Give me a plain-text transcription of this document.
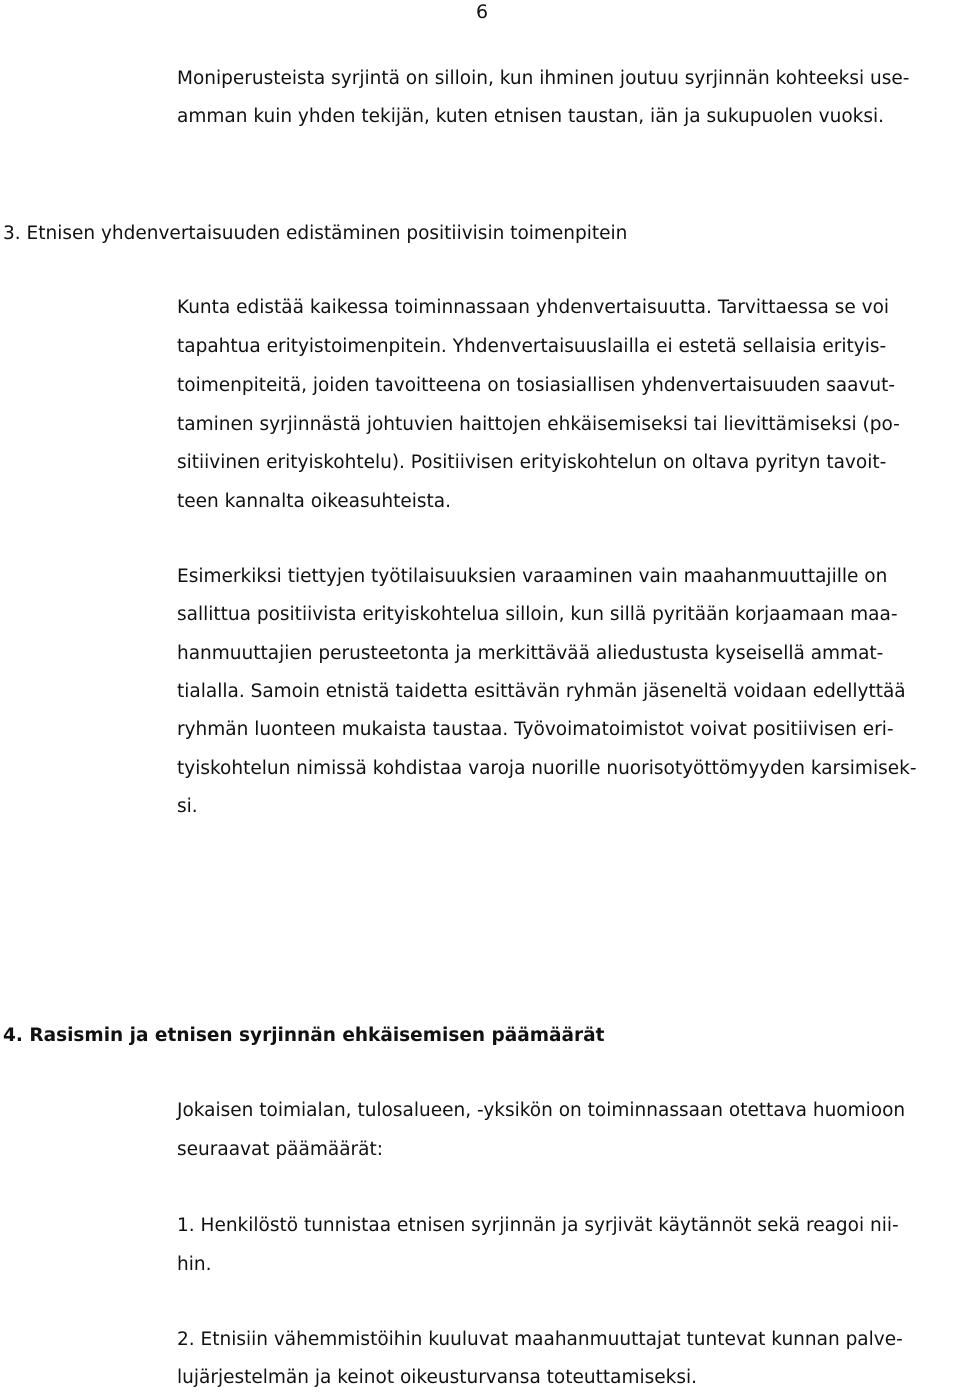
6
Moniperusteista syrjintä on silloin, kun ihminen joutuu syrjinnän kohteeksi use-
amman kuin yhden tekijän, kuten etnisen taustan, iän ja sukupuolen vuoksi.
3. Etnisen yhdenvertaisuuden edistäminen positiivisin toimenpitein
Kunta edistää kaikessa toiminnassaan yhdenvertaisuutta. Tarvittaessa se voi
tapahtua erityistoimenpitein. Yhdenvertaisuuslailla ei estetä sellaisia erityis-
toimenpiteitä, joiden tavoitteena on tosiasiallisen yhdenvertaisuuden saavut-
taminen syrjinnästä johtuvien haittojen ehkäisemiseksi tai lievittämiseksi (po-
sitiivinen erityiskohtelu). Positiivisen erityiskohtelun on oltava pyrityn tavoit-
teen kannalta oikeasuhteista.
Esimerkiksi tiettyjen työtilaisuuksien varaaminen vain maahanmuuttajille on
sallittua positiivista erityiskohtelua silloin, kun sillä pyritään korjaamaan maa-
hanmuuttajien perusteetonta ja merkittävää aliedustusta kyseisellä ammat-
tialalla. Samoin etnistä taidetta esittävän ryhmän jäseneltä voidaan edellyttää
ryhmän luonteen mukaista taustaa. Työvoimatoimistot voivat positiivisen eri-
tyiskohtelun nimissä kohdistaa varoja nuorille nuorisotyöttömyyden karsimisek-
si.
4. Rasismin ja etnisen syrjinnän ehkäisemisen päämäärät
Jokaisen toimialan, tulosalueen, -yksikön on toiminnassaan otettava huomioon
seuraavat päämäärät:
1. Henkilöstö tunnistaa etnisen syrjinnän ja syrjivät käytännöt sekä reagoi nii-
hin.
2. Etnisiin vähemmistöihin kuuluvat maahanmuuttajat tuntevat kunnan palve-
lujärjestelmän ja keinot oikeusturvansa toteuttamiseksi.
